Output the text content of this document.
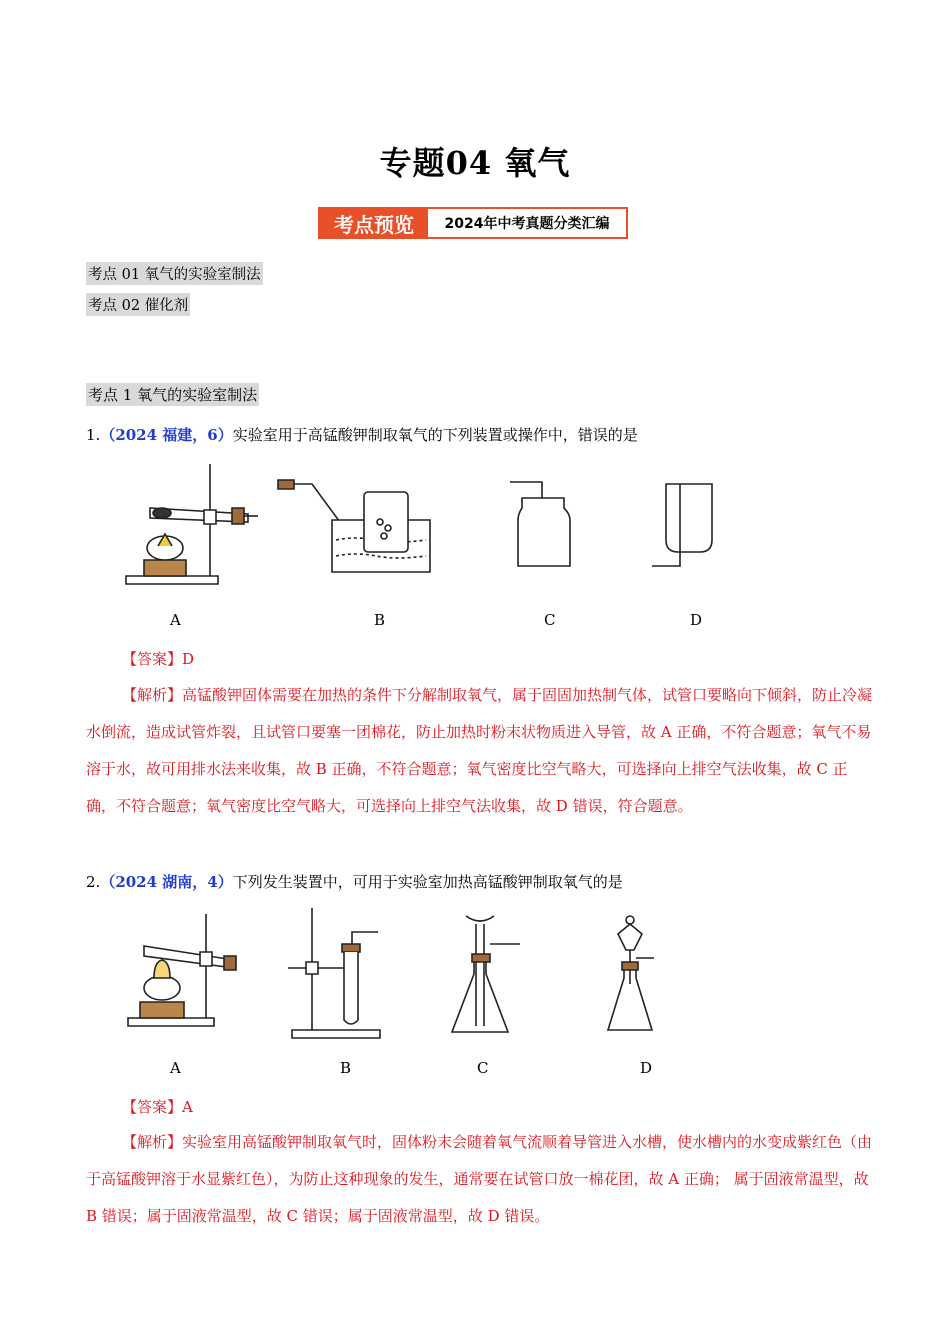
专题04 氧气
考点预览	2024年中考真题分类汇编
考点 01 氧气的实验室制法
考点 02 催化剂
考点 1 氧气的实验室制法
1.（2024 福建，6）实验室用于高锰酸钾制取氧气的下列装置或操作中，错误的是
A	B	C	D
【答案】D
【解析】高锰酸钾固体需要在加热的条件下分解制取氧气，属于固固加热制气体，试管口要略向下倾斜，防止冷凝水倒流，造成试管炸裂，且试管口要塞一团棉花，防止加热时粉末状物质进入导管，故 A 正确，不符合题意；氧气不易溶于水，故可用排水法来收集，故 B 正确，不符合题意；氧气密度比空气略大，可选择向上排空气法收集，故 C 正确，不符合题意；氧气密度比空气略大，可选择向上排空气法收集，故 D 错误，符合题意。
2.（2024 湖南，4）下列发生装置中，可用于实验室加热高锰酸钾制取氧气的是
A	B	C	D
【答案】A
【解析】实验室用高锰酸钾制取氧气时，固体粉末会随着氧气流顺着导管进入水槽，使水槽内的水变成紫红色（由于高锰酸钾溶于水显紫红色），为防止这种现象的发生，通常要在试管口放一棉花团，故 A 正确； 属于固液常温型，故 B 错误；属于固液常温型，故 C 错误；属于固液常温型，故 D 错误。
